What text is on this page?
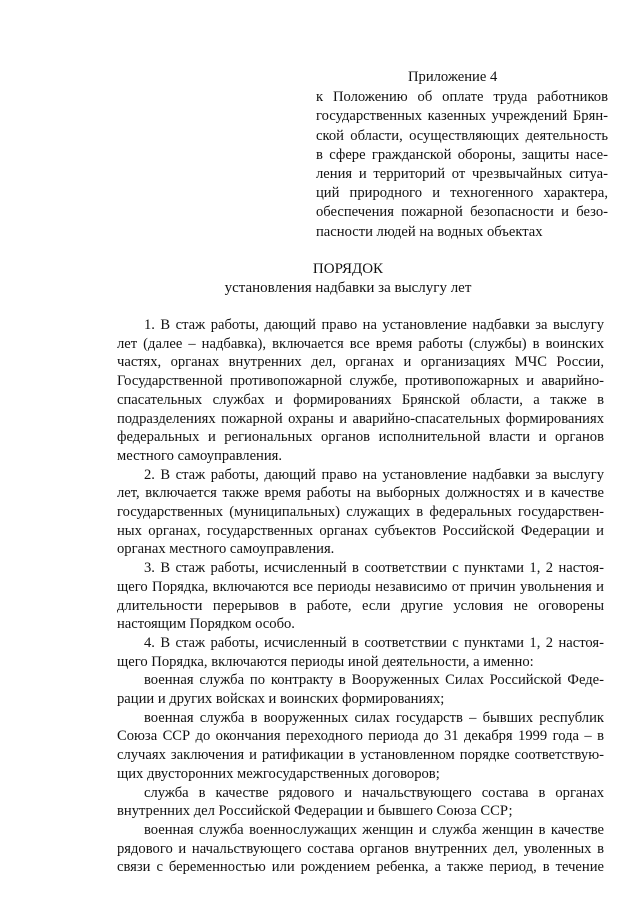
Приложение 4
к Положению об оплате труда работников
государственных казенных учреждений Брян-
ской области, осуществляющих деятельность
в сфере гражданской обороны, защиты насе-
ления и территорий от чрезвычайных ситуа-
ций природного и техногенного характера,
обеспечения пожарной безопасности и безо-
пасности людей на водных объектах
ПОРЯДОК
установления надбавки за выслугу лет
1. В стаж работы, дающий право на установление надбавки за выслугу
лет (далее – надбавка), включается все время работы (службы) в воинских
частях, органах внутренних дел, органах и организациях МЧС России,
Государственной противопожарной службе, противопожарных и аварийно-
спасательных службах и формированиях Брянской области, а также в
подразделениях пожарной охраны и аварийно-спасательных формированиях
федеральных и региональных органов исполнительной власти и органов
местного самоуправления.
2. В стаж работы, дающий право на установление надбавки за выслугу
лет, включается также время работы на выборных должностях и в качестве
государственных (муниципальных) служащих в федеральных государствен-
ных органах, государственных органах субъектов Российской Федерации и
органах местного самоуправления.
3. В стаж работы, исчисленный в соответствии с пунктами 1, 2 настоя-
щего Порядка, включаются все периоды независимо от причин увольнения и
длительности перерывов в работе, если другие условия не оговорены
настоящим Порядком особо.
4. В стаж работы, исчисленный в соответствии с пунктами 1, 2 настоя-
щего Порядка, включаются периоды иной деятельности, а именно:
военная служба по контракту в Вооруженных Силах Российской Феде-
рации и других войсках и воинских формированиях;
военная служба в вооруженных силах государств – бывших республик
Союза ССР до окончания переходного периода до 31 декабря 1999 года – в
случаях заключения и ратификации в установленном порядке соответствую-
щих двусторонних межгосударственных договоров;
служба в качестве рядового и начальствующего состава в органах
внутренних дел Российской Федерации и бывшего Союза ССР;
военная служба военнослужащих женщин и служба женщин в качестве
рядового и начальствующего состава органов внутренних дел, уволенных в
связи с беременностью или рождением ребенка, а также период, в течение
